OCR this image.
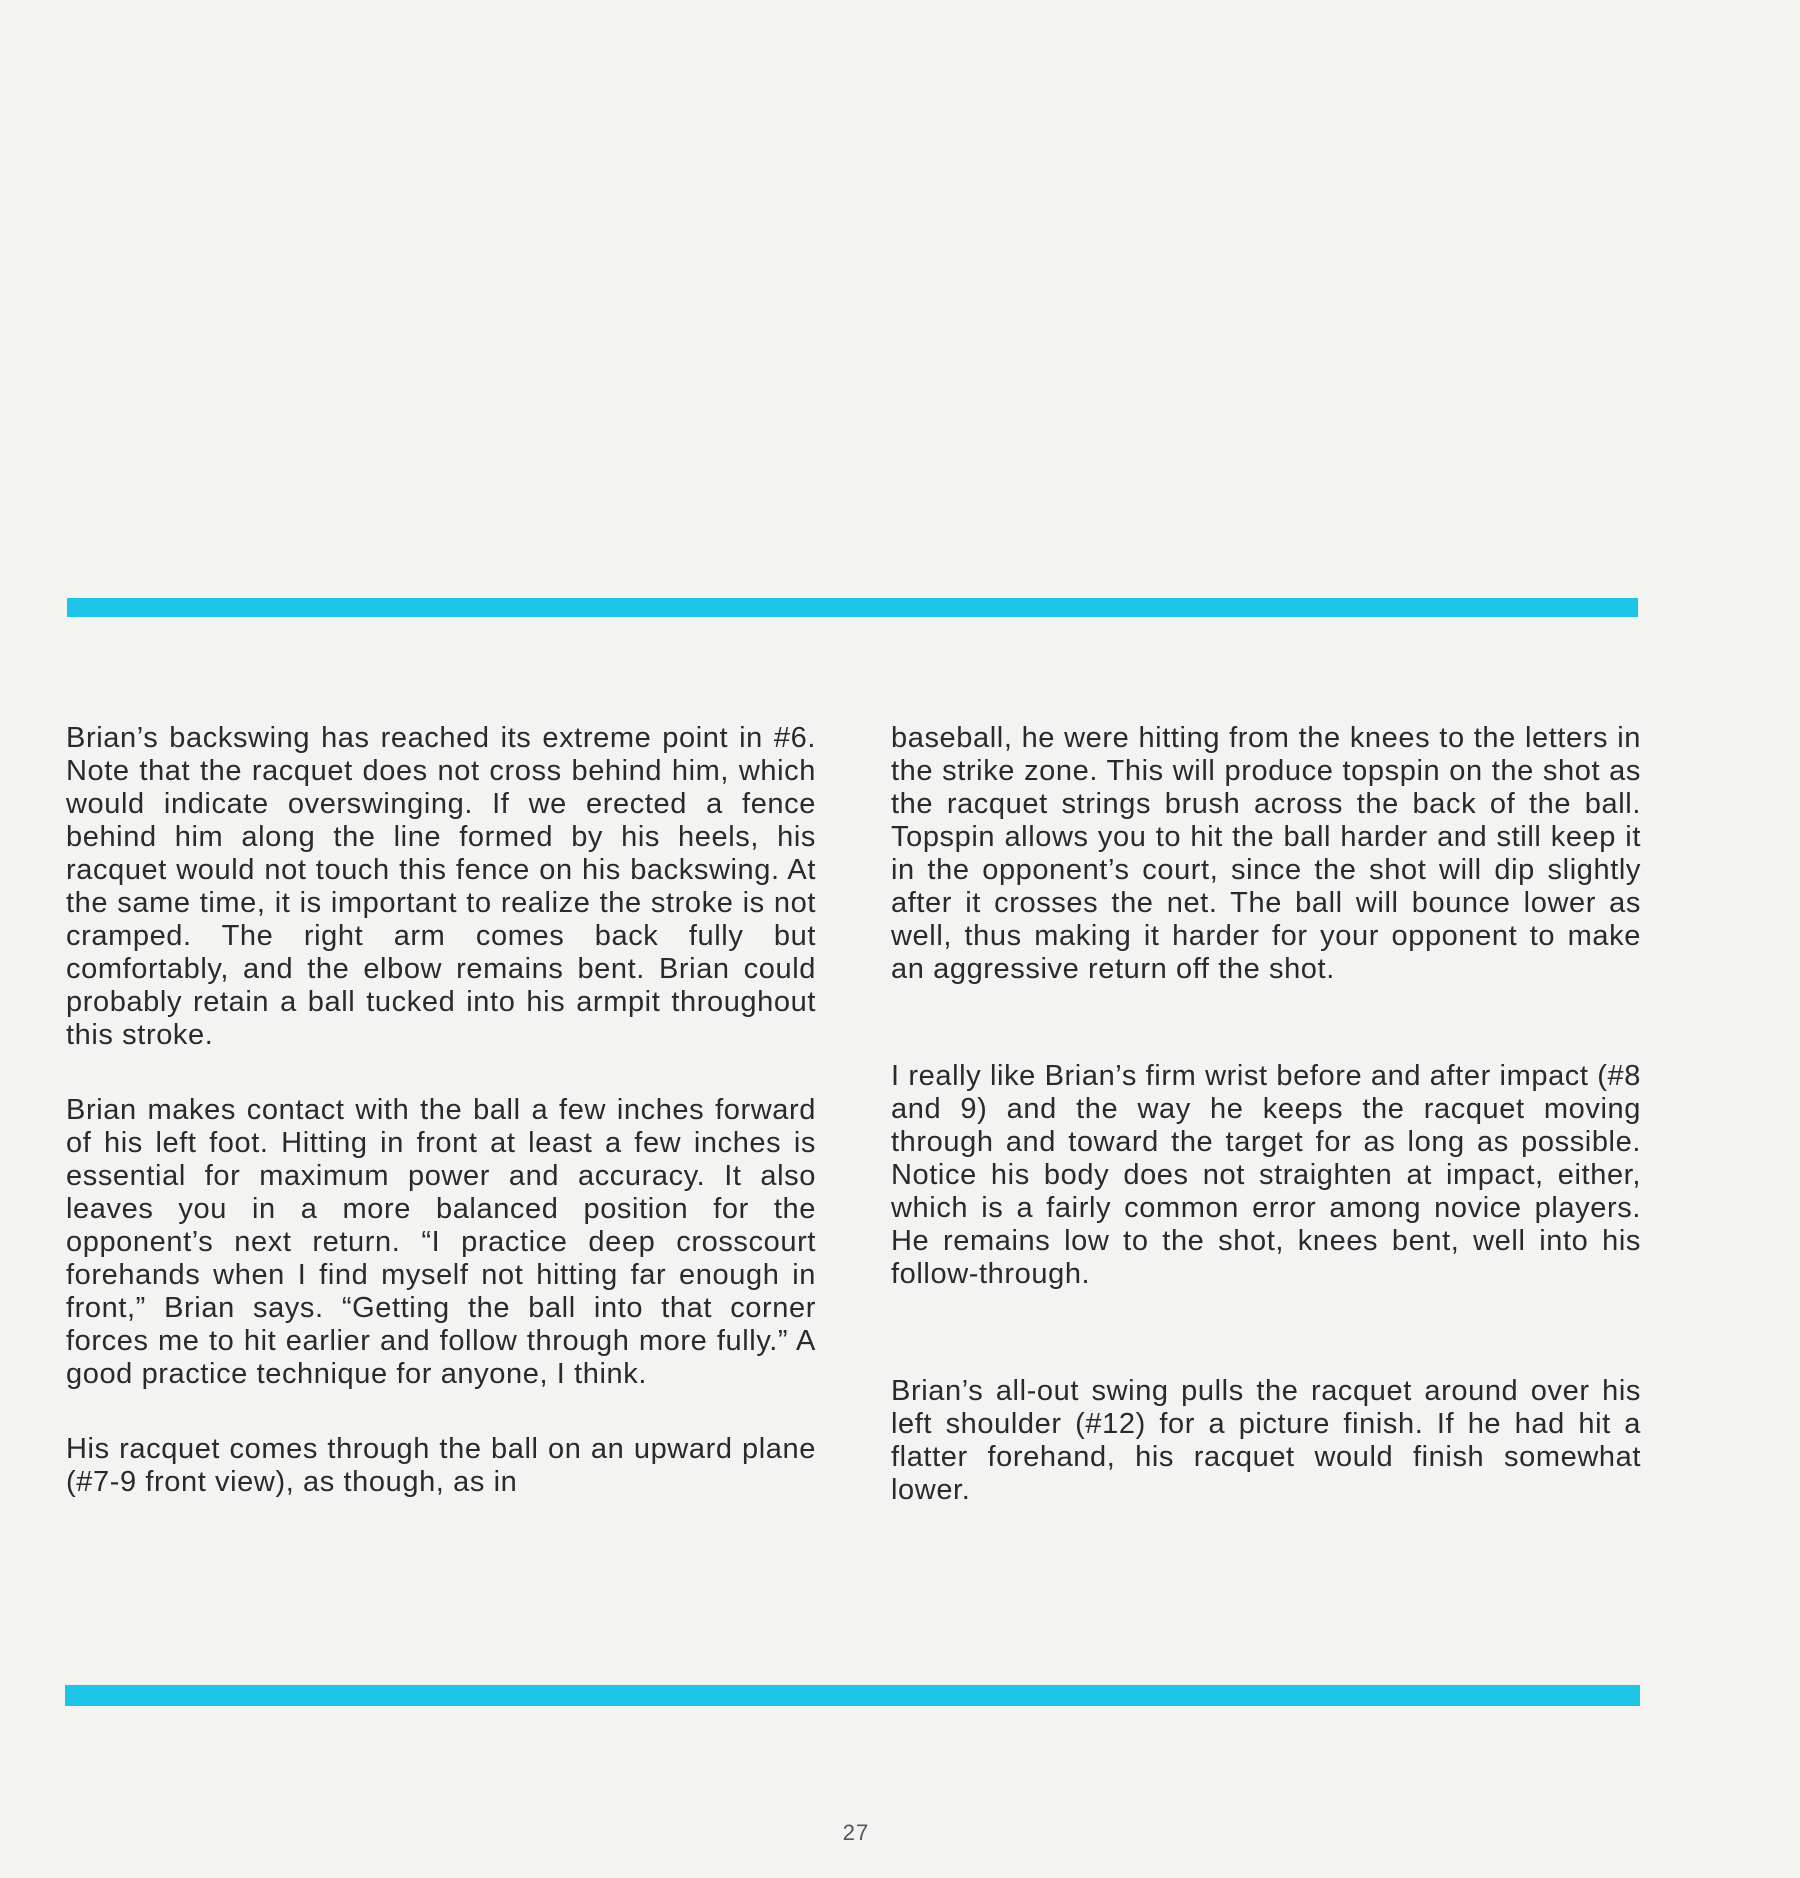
Brian’s backswing has reached its extreme point in #6. Note that the racquet does not cross behind him, which would indicate overswinging. If we erected a fence behind him along the line formed by his heels, his racquet would not touch this fence on his backswing. At the same time, it is important to realize the stroke is not cramped. The right arm comes back fully but comfortably, and the elbow remains bent. Brian could probably retain a ball tucked into his armpit throughout this stroke.

Brian makes contact with the ball a few inches forward of his left foot. Hitting in front at least a few inches is essential for maximum power and accuracy. It also leaves you in a more balanced position for the opponent’s next return. “I practice deep crosscourt forehands when I find myself not hitting far enough in front,” Brian says. “Getting the ball into that corner forces me to hit earlier and follow through more fully.” A good practice technique for anyone, I think.

His racquet comes through the ball on an upward plane (#7-9 front view), as though, as in

baseball, he were hitting from the knees to the letters in the strike zone. This will produce topspin on the shot as the racquet strings brush across the back of the ball. Topspin allows you to hit the ball harder and still keep it in the opponent’s court, since the shot will dip slightly after it crosses the net. The ball will bounce lower as well, thus making it harder for your opponent to make an aggressive return off the shot.

I really like Brian’s firm wrist before and after impact (#8 and 9) and the way he keeps the racquet moving through and toward the target for as long as possible. Notice his body does not straighten at impact, either, which is a fairly common error among novice players. He remains low to the shot, knees bent, well into his follow-through.

Brian’s all-out swing pulls the racquet around over his left shoulder (#12) for a picture finish. If he had hit a flatter forehand, his racquet would finish somewhat lower.

27
